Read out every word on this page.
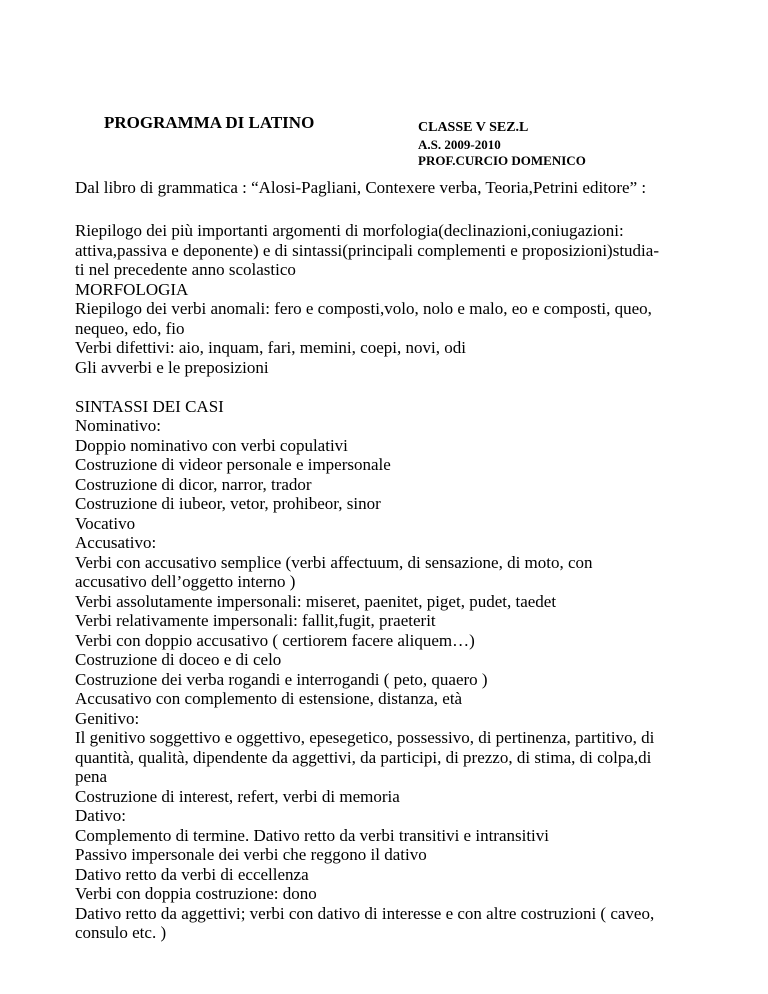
PROGRAMMA DI LATINO	CLASSE V SEZ.L
A.S. 2009-2010
PROF.CURCIO DOMENICO
Dal libro di grammatica : “Alosi-Pagliani, Contexere verba, Teoria,Petrini editore” :
Riepilogo dei più importanti argomenti di morfologia(declinazioni,coniugazioni:
attiva,passiva e deponente) e di sintassi(principali complementi e proposizioni)studia-
ti nel precedente anno scolastico
MORFOLOGIA
Riepilogo dei verbi anomali: fero e composti,volo, nolo e malo, eo e composti, queo,
nequeo, edo, fio
Verbi difettivi: aio, inquam, fari, memini, coepi, novi, odi
Gli avverbi e le preposizioni
SINTASSI DEI CASI
Nominativo:
Doppio nominativo con verbi copulativi
Costruzione di videor personale e impersonale
Costruzione di dicor, narror, trador
Costruzione di iubeor, vetor, prohibeor, sinor
Vocativo
Accusativo:
Verbi con accusativo semplice (verbi affectuum, di sensazione, di moto, con
accusativo dell’oggetto interno )
Verbi assolutamente impersonali: miseret, paenitet, piget, pudet, taedet
Verbi relativamente impersonali: fallit,fugit, praeterit
Verbi con doppio accusativo ( certiorem facere aliquem…)
Costruzione di doceo e di celo
Costruzione dei verba rogandi e interrogandi ( peto, quaero )
Accusativo con complemento di estensione, distanza, età
Genitivo:
Il genitivo soggettivo e oggettivo, epesegetico, possessivo, di pertinenza, partitivo, di
quantità, qualità, dipendente da aggettivi, da participi, di prezzo, di stima, di colpa,di
pena
Costruzione di interest, refert, verbi di memoria
Dativo:
Complemento di termine. Dativo retto da verbi transitivi e intransitivi
Passivo impersonale dei verbi che reggono il dativo
Dativo retto da verbi di eccellenza
Verbi con doppia costruzione: dono
Dativo retto da aggettivi; verbi con dativo di interesse e con altre costruzioni ( caveo,
consulo etc. )
